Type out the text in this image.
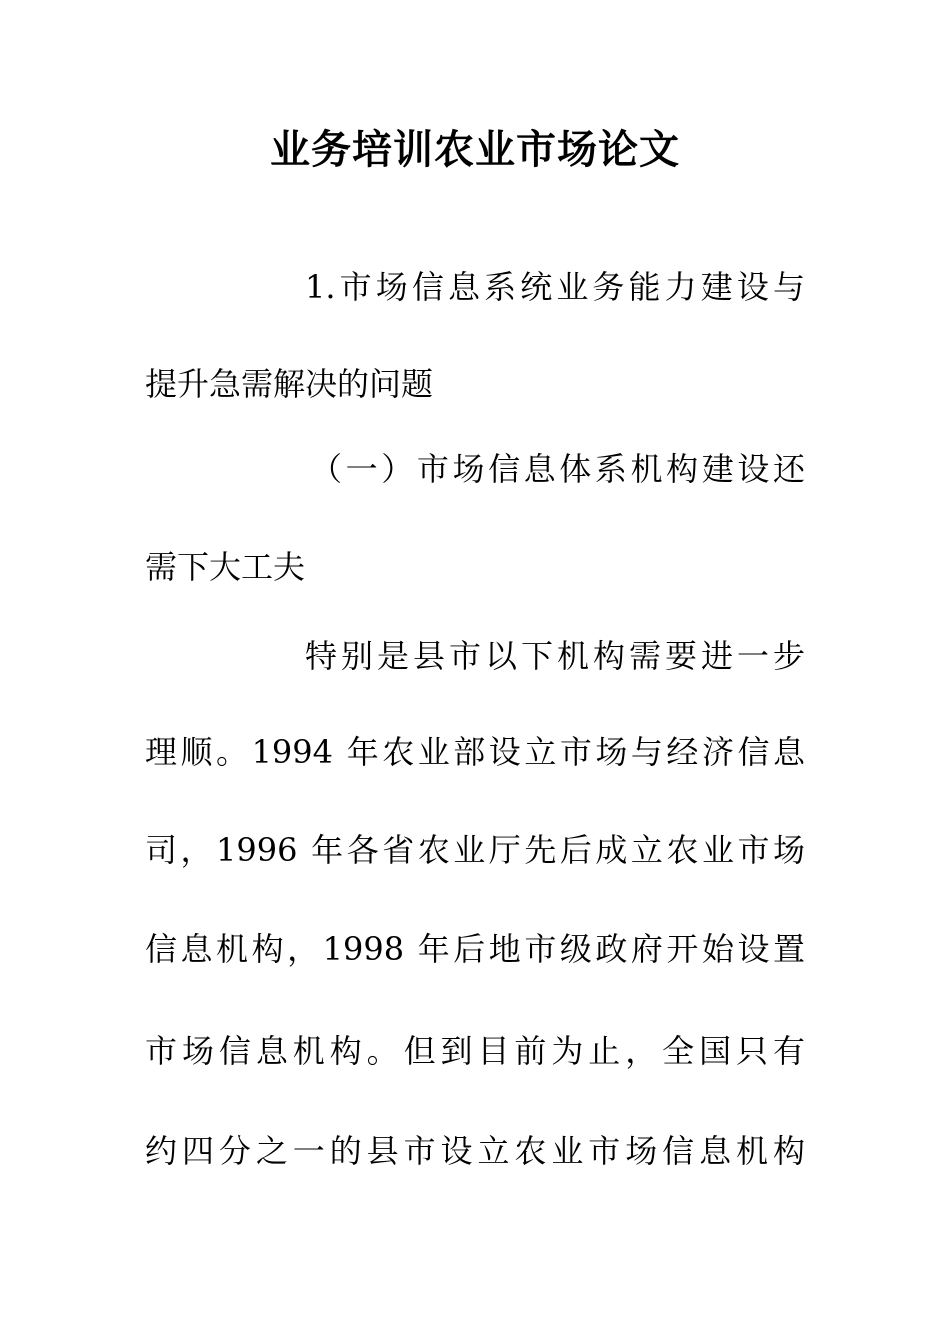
业务培训农业市场论文
1.市场信息系统业务能力建设与
提升急需解决的问题
（一）市场信息体系机构建设还
需下大工夫
特别是县市以下机构需要进一步
理顺。1994 年农业部设立市场与经济信息
司，1996 年各省农业厅先后成立农业市场
信息机构，1998 年后地市级政府开始设置
市场信息机构。但到目前为止，全国只有
约四分之一的县市设立农业市场信息机构
